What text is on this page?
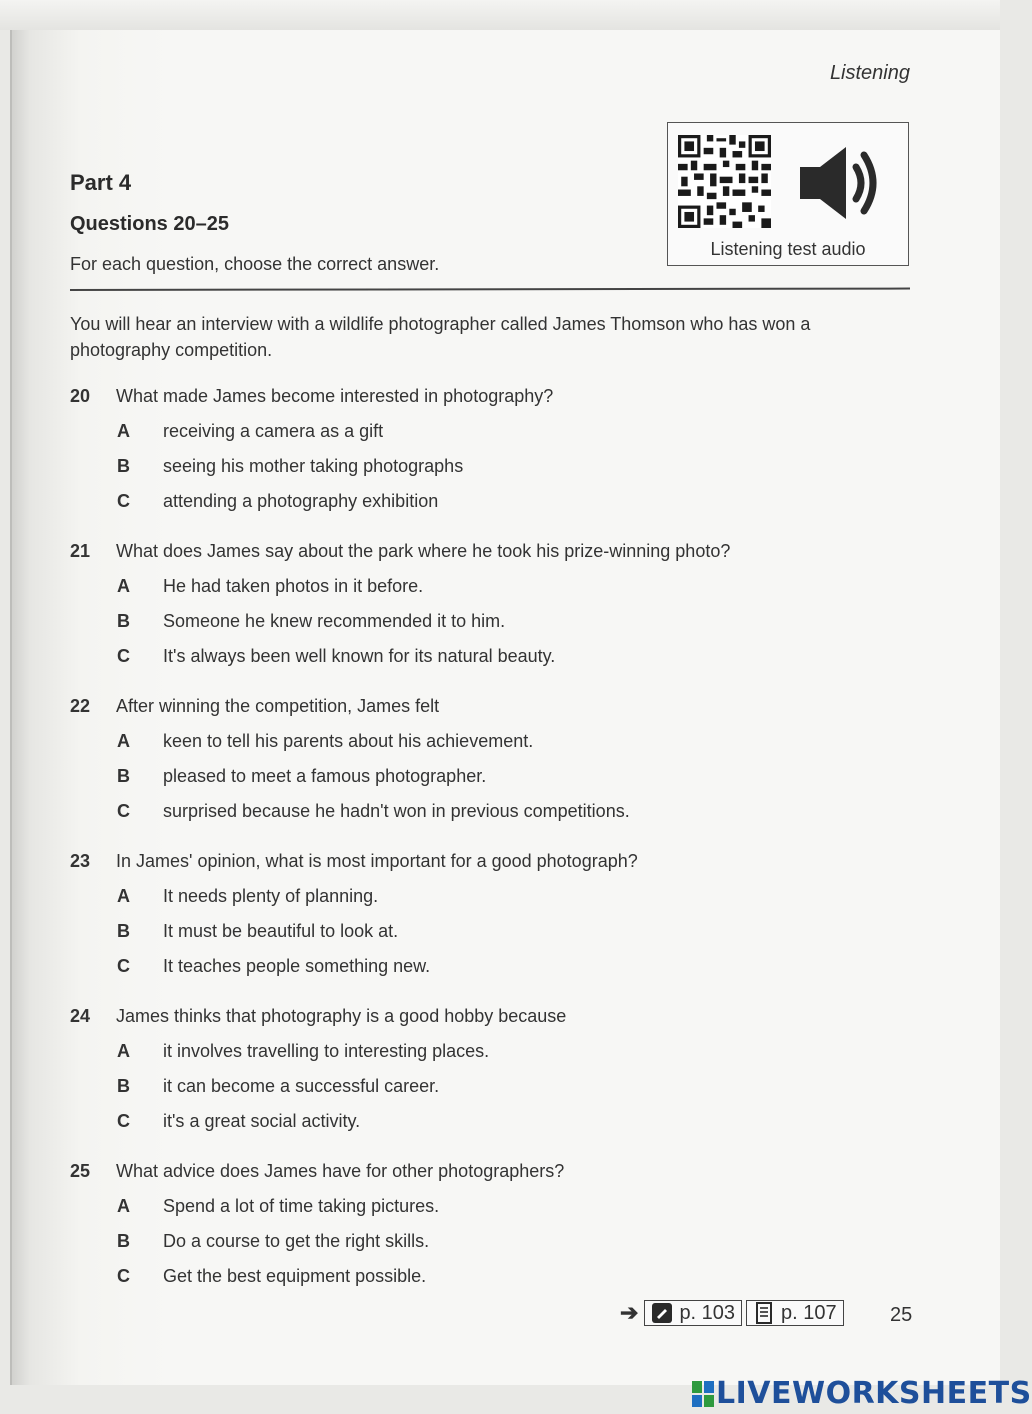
Listening
Listening test audio
Part 4
Questions 20–25
For each question, choose the correct answer.
You will hear an interview with a wildlife photographer called James Thomson who has won a
photography competition.
20	What made James become interested in photography?
A	receiving a camera as a gift
B	seeing his mother taking photographs
C	attending a photography exhibition
21	What does James say about the park where he took his prize-winning photo?
A	He had taken photos in it before.
B	Someone he knew recommended it to him.
C	It's always been well known for its natural beauty.
22	After winning the competition, James felt
A	keen to tell his parents about his achievement.
B	pleased to meet a famous photographer.
C	surprised because he hadn't won in previous competitions.
23	In James' opinion, what is most important for a good photograph?
A	It needs plenty of planning.
B	It must be beautiful to look at.
C	It teaches people something new.
24	James thinks that photography is a good hobby because
A	it involves travelling to interesting places.
B	it can become a successful career.
C	it's a great social activity.
25	What advice does James have for other photographers?
A	Spend a lot of time taking pictures.
B	Do a course to get the right skills.
C	Get the best equipment possible.
➔ p. 103 p. 107	25
LIVEWORKSHEETS
